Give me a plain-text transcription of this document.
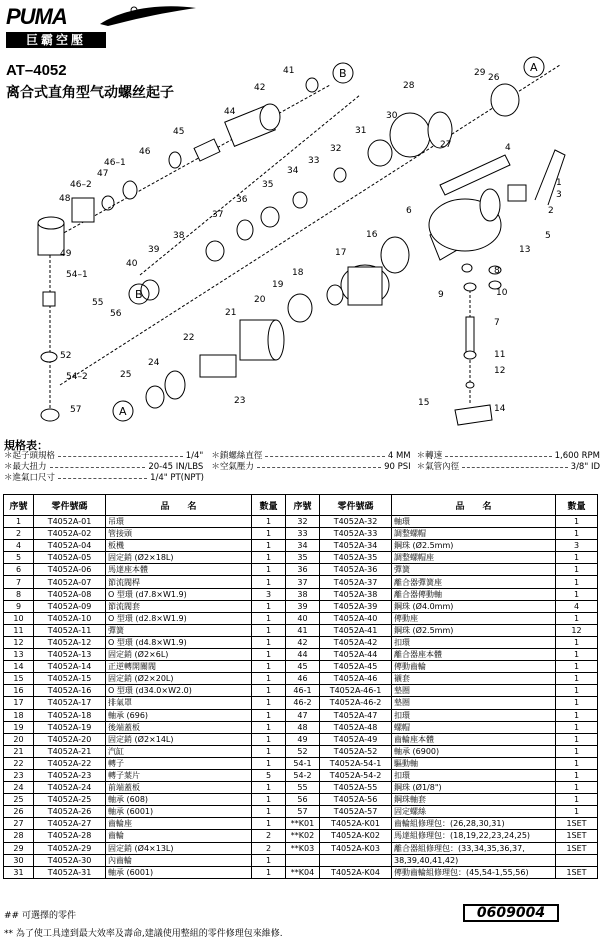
PUMA
巨霸空壓
AT–4052
离合式直角型气动螺丝起子
B	A
B
A
1
2
4
5
6
7
8
9	10
11
12
13
14
15
16
17
18
19
20
21
22
23
24
25
26
27
28
29
30
31
32
33
34
35
36
37
38
39
40
41
42
44
45
46
46–1
47
46–2
48
49
52
54–1
54–2
55
56
57
3
規格表：
＊起子頭規格	1/4" ＊鎖螺絲直徑	4 MM ＊轉速	1,600 RPM
＊最大扭力	20-45 IN/LBS ＊空氣壓力	90 PSI ＊氣管內徑	3/8" ID
＊進氣口尺寸	1/4" PT(NPT)
序號	零件號碼	品　　名	數量	序號	零件號碼	品　　名	數量
1	T4052A-01	吊環	1	32	T4052A-32	軸環	1
2	T4052A-02	管接頭	1	33	T4052A-33	調整螺帽	1
4	T4052A-04	板機	1	34	T4052A-34	鋼珠 (Ø2.5mm)	3
5	T4052A-05	固定銷 (Ø2×18L)	1	35	T4052A-35	調整螺帽座	1
6	T4052A-06	馬達座本體	1	36	T4052A-36	彈簧	1
7	T4052A-07	節流閥桿	1	37	T4052A-37	離合器彈簧座	1
8	T4052A-08	O 型環 (d7.8×W1.9)	3	38	T4052A-38	離合器傳動軸	1
9	T4052A-09	節流閥套	1	39	T4052A-39	鋼珠 (Ø4.0mm)	4
10	T4052A-10	O 型環 (d2.8×W1.9)	1	40	T4052A-40	傳動座	1
11	T4052A-11	彈簧	1	41	T4052A-41	鋼珠 (Ø2.5mm)	12
12	T4052A-12	O 型環 (d4.8×W1.9)	1	42	T4052A-42	扣環	1
13	T4052A-13	固定銷 (Ø2×6L)	1	44	T4052A-44	離合器座本體	1
14	T4052A-14	正逆轉開關閥	1	45	T4052A-45	傳動齒輪	1
15	T4052A-15	固定銷 (Ø2×20L)	1	46	T4052A-46	襯套	1
16	T4052A-16	O 型環 (d34.0×W2.0)	1	46-1	T4052A-46-1	墊圈	1
17	T4052A-17	排氣罩	1	46-2	T4052A-46-2	墊圈	1
18	T4052A-18	軸承 (696)	1	47	T4052A-47	扣環	1
19	T4052A-19	後端蓋板	1	48	T4052A-48	螺帽	1
20	T4052A-20	固定銷 (Ø2×14L)	1	49	T4052A-49	齒輪座本體	1
21	T4052A-21	汽缸	1	52	T4052A-52	軸承 (6900)	1
22	T4052A-22	轉子	1	54-1	T4052A-54-1	驅動軸	1
23	T4052A-23	轉子葉片	5	54-2	T4052A-54-2	扣環	1
24	T4052A-24	前端蓋板	1	55	T4052A-55	鋼珠 (Ø1/8")	1
25	T4052A-25	軸承 (608)	1	56	T4052A-56	鋼珠軸套	1
26	T4052A-26	軸承 (6001)	1	57	T4052A-57	固定螺絲	1
27	T4052A-27	齒輪座	1	**K01	T4052A-K01	齒輪組修理包：(26,28,30,31)	1SET
28	T4052A-28	齒輪	2	**K02	T4052A-K02	馬達組修理包：(18,19,22,23,24,25)	1SET
29	T4052A-29	固定銷 (Ø4×13L)	2	**K03	T4052A-K03	離合器組修理包：(33,34,35,36,37,	1SET
30	T4052A-30	內齒輪	1			38,39,40,41,42)	
31	T4052A-31	軸承 (6001)	1	**K04	T4052A-K04	傳動齒輪組修理包：(45,54-1,55,56)	1SET
## 可選擇的零件	0609004
** 為了使工具達到最大效率及壽命,建議使用整組的零件修理包來維修.
